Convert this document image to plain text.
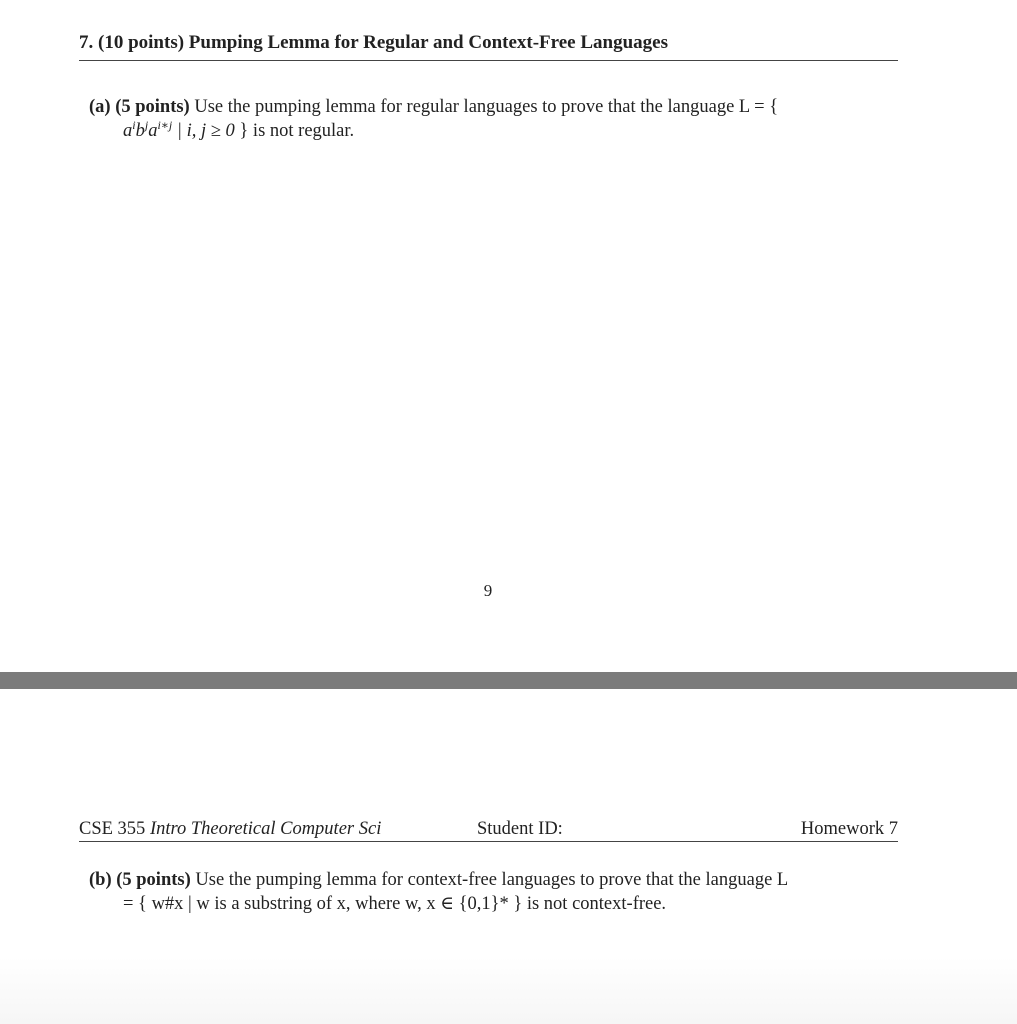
7. (10 points) Pumping Lemma for Regular and Context-Free Languages
(a) (5 points) Use the pumping lemma for regular languages to prove that the language L = {
$a^ib^ja^{i∗j}$ | i, j ≥ 0 } is not regular.
9
CSE 355 Intro Theoretical Computer Sci	Student ID:	Homework 7
(b) (5 points) Use the pumping lemma for context-free languages to prove that the language L
= { w#x | w is a substring of x, where w, x ∈ {0,1}* } is not context-free.
